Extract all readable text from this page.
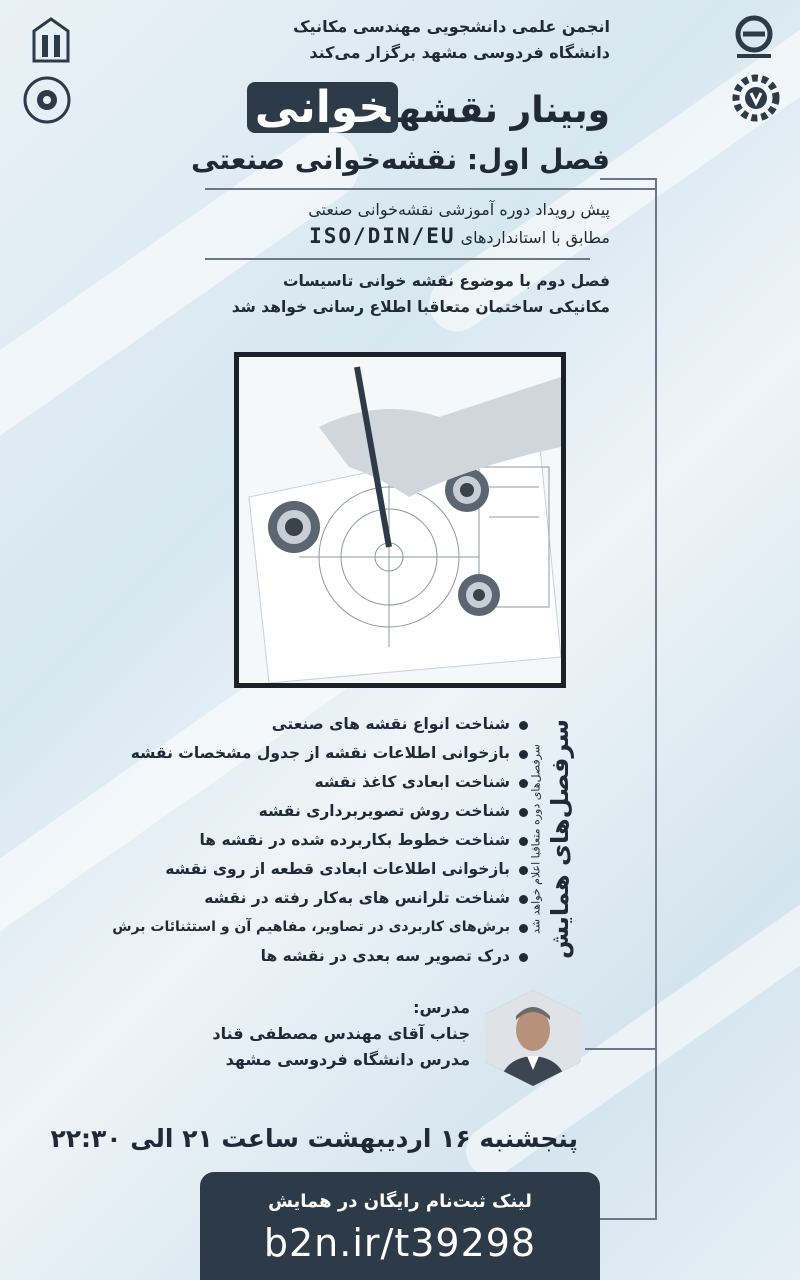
انجمن علمی دانشجویی مهندسی مکانیک
دانشگاه فردوسی مشهد برگزار می‌کند
وبینار نقشهخوانی
فصل اول: نقشه‌خوانی صنعتی
پیش رویداد دوره آموزشی نقشه‌خوانی صنعتی
مطابق با استانداردهای ISO/DIN/EU
فصل دوم با موضوع نقشه خوانی تاسیسات
مکانیکی ساختمان متعاقبا اطلاع رسانی خواهد شد
سرفصل‌های همایش
سرفصل‌های دوره متعاقبا اعلام خواهد شد
شناخت انواع نقشه های صنعتی
بازخوانی اطلاعات نقشه از جدول مشخصات نقشه
شناخت ابعادی کاغذ نقشه
شناخت روش تصویربرداری نقشه
شناخت خطوط بکاربرده شده در نقشه ها
بازخوانی اطلاعات ابعادی قطعه از روی نقشه
شناخت تلرانس های به‌کار رفته در نقشه
برش‌های کاربردی در تصاویر، مفاهیم آن و استثنائات برش
درک تصویر سه بعدی در نقشه ها
مدرس:
جناب آقای مهندس مصطفی قناد
مدرس دانشگاه فردوسی مشهد
پنجشنبه ۱۶ اردیبهشت ساعت ۲۱ الی ۲۲:۳۰
لینک ثبت‌نام رایگان در همایش
b2n.ir/t39298
